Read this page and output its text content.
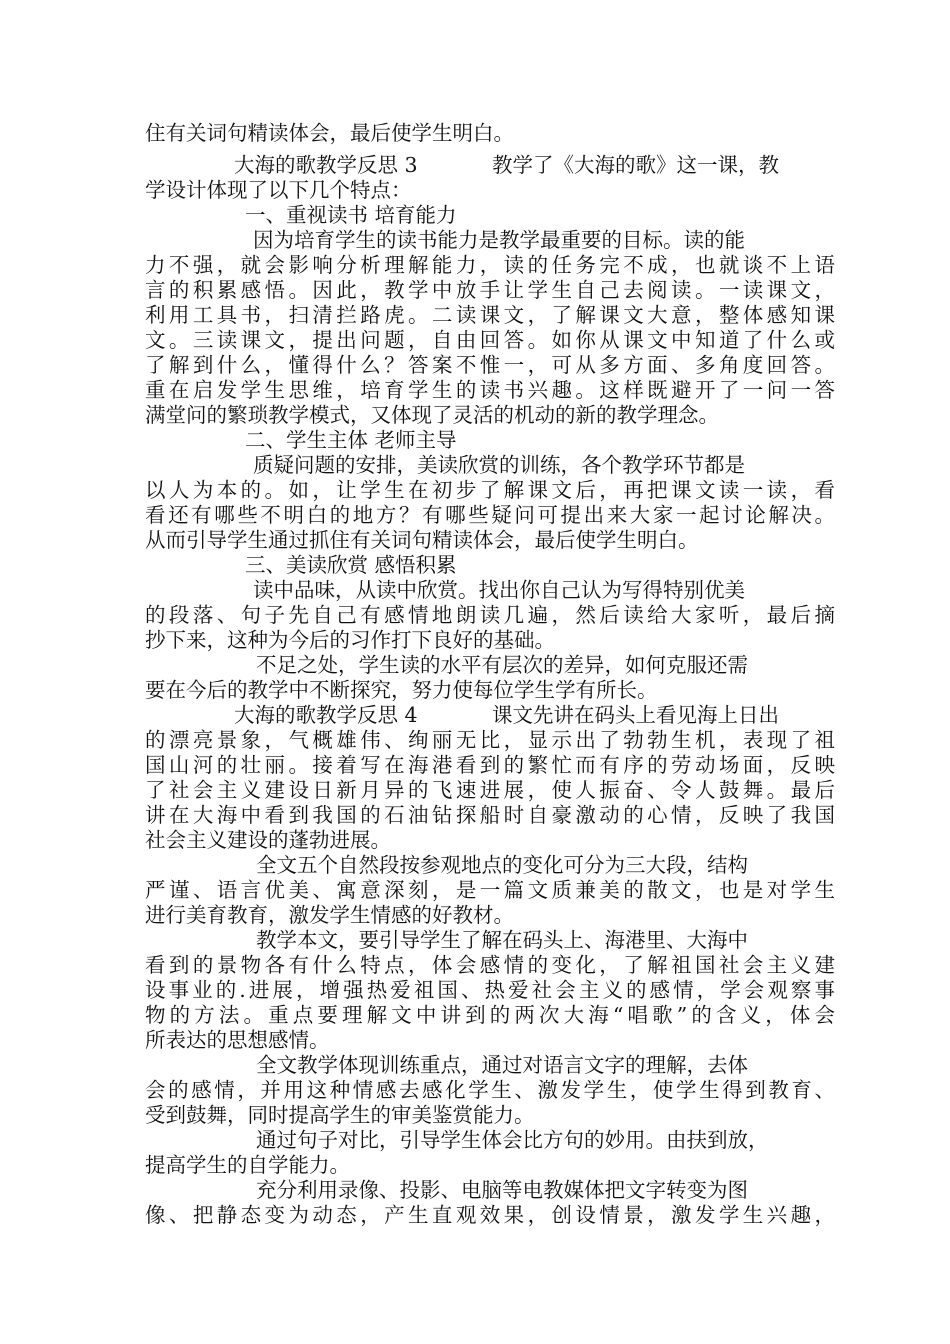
住有关词句精读体会，最后使学生明白。
大海的歌教学反思 3	教学了《大海的歌》这一课，教
学设计体现了以下几个特点：
一、重视读书 培育能力
因为培育学生的读书能力是教学最重要的目标。读的能
力不强，就会影响分析理解能力，读的任务完不成，也就谈不上语
言的积累感悟。因此，教学中放手让学生自己去阅读。一读课文，
利用工具书，扫清拦路虎。二读课文，了解课文大意，整体感知课
文。三读课文，提出问题，自由回答。如你从课文中知道了什么或
了解到什么，懂得什么？答案不惟一，可从多方面、多角度回答。
重在启发学生思维，培育学生的读书兴趣。这样既避开了一问一答
满堂问的繁琐教学模式，又体现了灵活的机动的新的教学理念。
二、学生主体 老师主导
质疑问题的安排，美读欣赏的训练，各个教学环节都是
以人为本的。如，让学生在初步了解课文后，再把课文读一读，看
看还有哪些不明白的地方？有哪些疑问可提出来大家一起讨论解决。
从而引导学生通过抓住有关词句精读体会，最后使学生明白。
三、美读欣赏 感悟积累
读中品味，从读中欣赏。找出你自己认为写得特别优美
的段落、句子先自己有感情地朗读几遍，然后读给大家听，最后摘
抄下来，这种为今后的习作打下良好的基础。
不足之处，学生读的水平有层次的差异，如何克服还需
要在今后的教学中不断探究，努力使每位学生学有所长。
大海的歌教学反思 4	课文先讲在码头上看见海上日出
的漂亮景象，气概雄伟、绚丽无比，显示出了勃勃生机，表现了祖
国山河的壮丽。接着写在海港看到的繁忙而有序的劳动场面，反映
了社会主义建设日新月异的飞速进展，使人振奋、令人鼓舞。最后
讲在大海中看到我国的石油钻探船时自豪激动的心情，反映了我国
社会主义建设的蓬勃进展。
全文五个自然段按参观地点的变化可分为三大段，结构
严谨、语言优美、寓意深刻，是一篇文质兼美的散文，也是对学生
进行美育教育，激发学生情感的好教材。
教学本文，要引导学生了解在码头上、海港里、大海中
看到的景物各有什么特点，体会感情的变化，了解祖国社会主义建
设事业的.进展，增强热爱祖国、热爱社会主义的感情，学会观察事
物的方法。重点要理解文中讲到的两次大海“唱歌”的含义，体会
所表达的思想感情。
全文教学体现训练重点，通过对语言文字的理解，去体
会的感情，并用这种情感去感化学生、激发学生，使学生得到教育、
受到鼓舞，同时提高学生的审美鉴赏能力。
通过句子对比，引导学生体会比方句的妙用。由扶到放，
提高学生的自学能力。
充分利用录像、投影、电脑等电教媒体把文字转变为图
像、把静态变为动态，产生直观效果，创设情景，激发学生兴趣，
